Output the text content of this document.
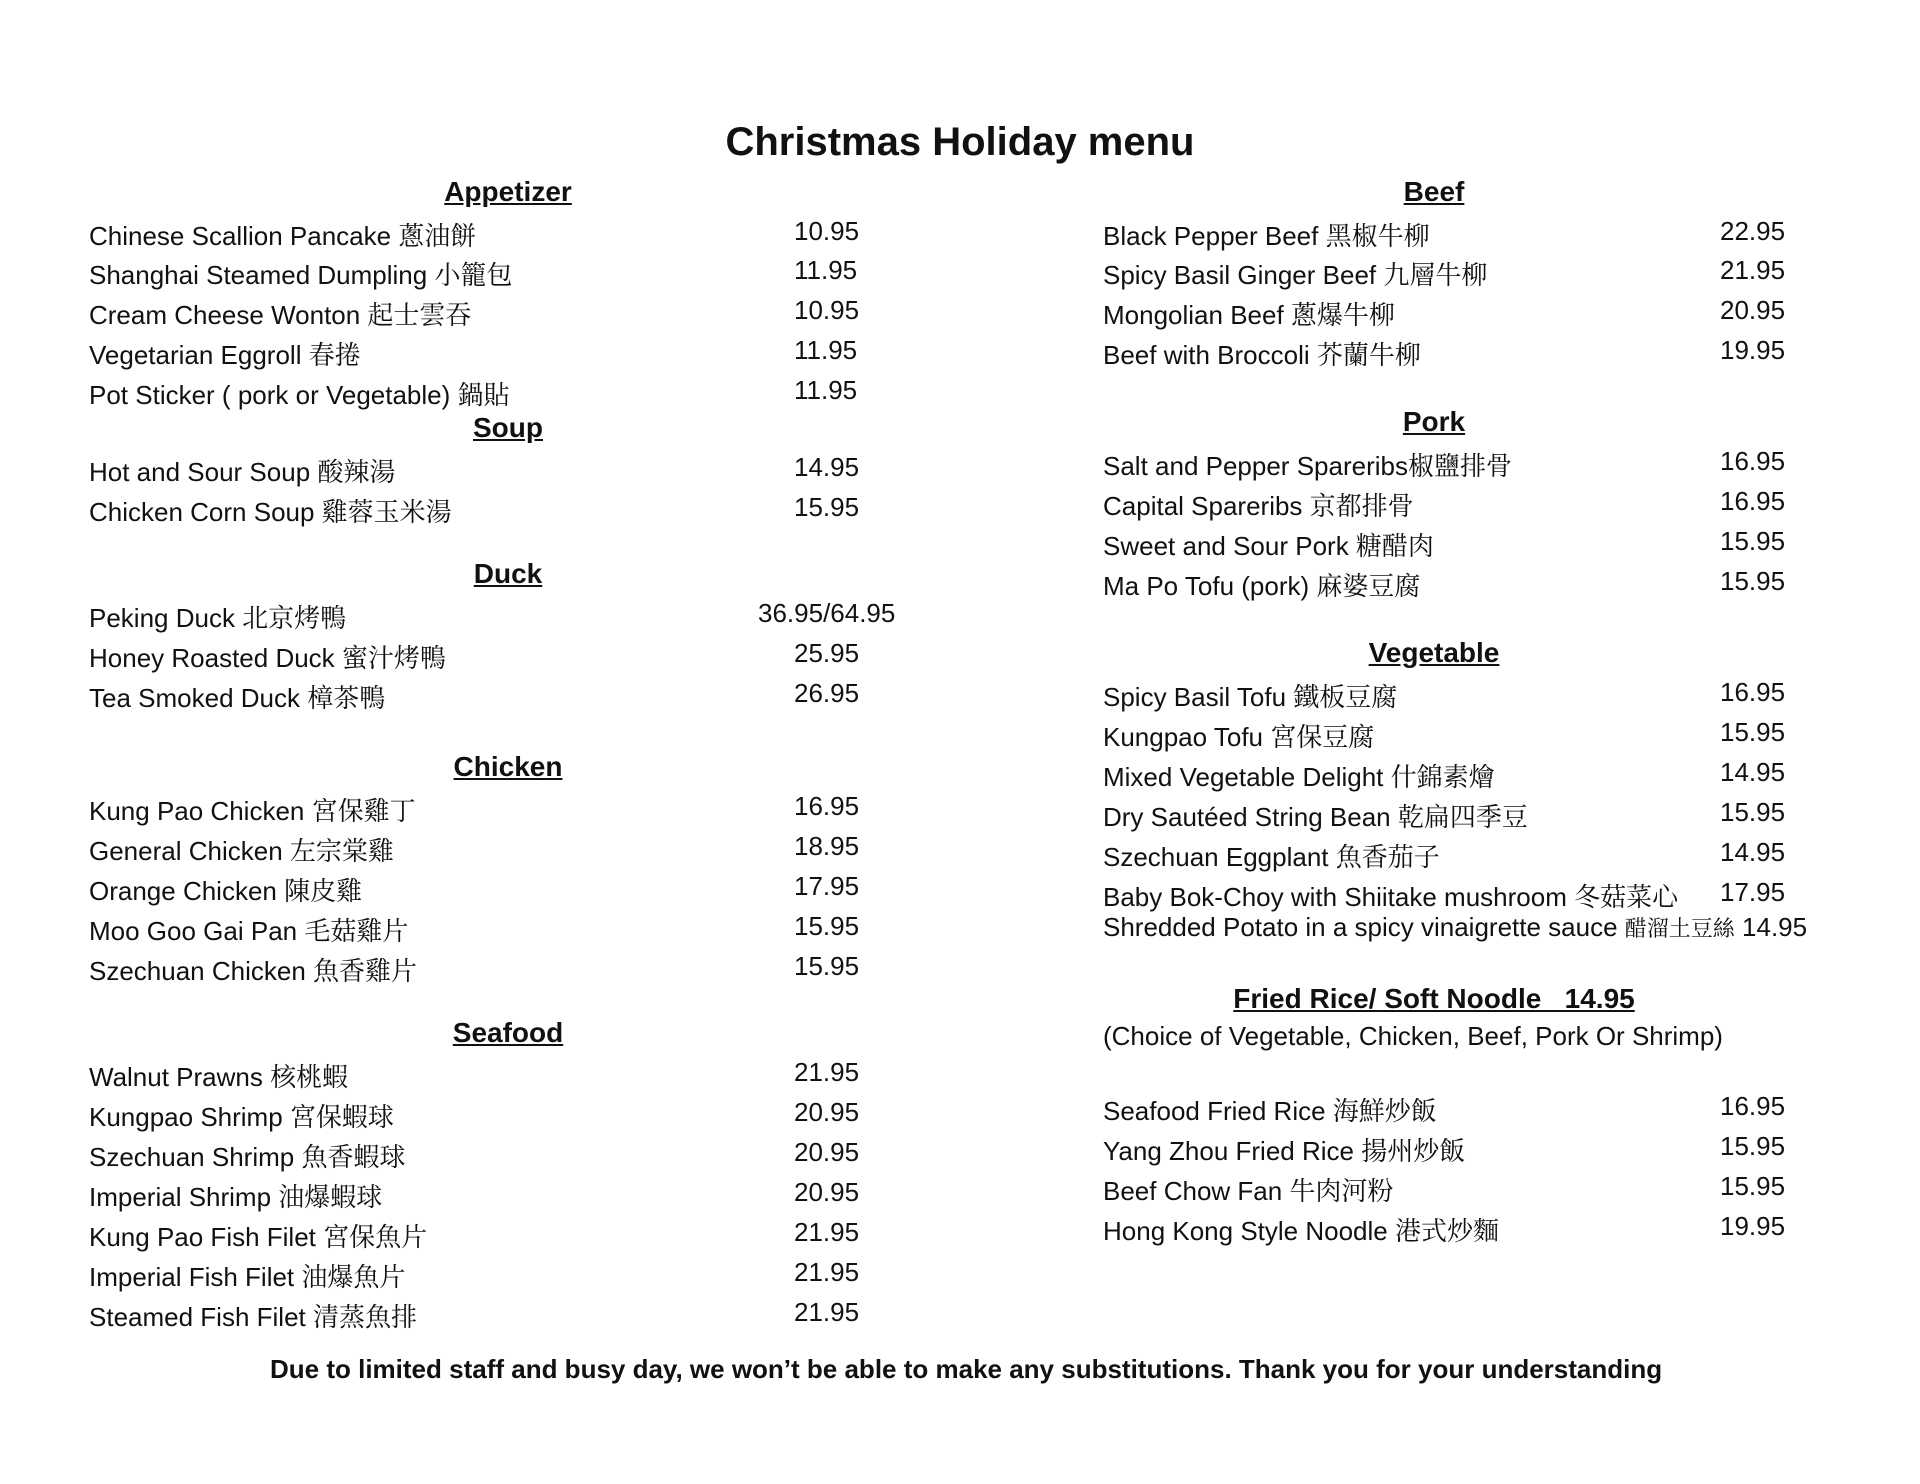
Christmas Holiday menu
Appetizer
Chinese Scallion Pancake 蔥油餅	10.95
Shanghai Steamed Dumpling 小籠包	11.95
Cream Cheese Wonton 起士雲吞	10.95
Vegetarian Eggroll 春捲	11.95
Pot Sticker ( pork or Vegetable) 鍋貼	11.95
Soup
Hot and Sour Soup 酸辣湯	14.95
Chicken Corn Soup 雞蓉玉米湯	15.95
Duck
Peking Duck 北京烤鴨	36.95/64.95
Honey Roasted Duck 蜜汁烤鴨	25.95
Tea Smoked Duck 樟茶鴨	26.95
Chicken
Kung Pao Chicken 宮保雞丁	16.95
General Chicken 左宗棠雞	18.95
Orange Chicken 陳皮雞	17.95
Moo Goo Gai Pan 毛菇雞片	15.95
Szechuan Chicken 魚香雞片	15.95
Seafood
Walnut Prawns 核桃蝦	21.95
Kungpao Shrimp 宮保蝦球	20.95
Szechuan Shrimp 魚香蝦球	20.95
Imperial Shrimp 油爆蝦球	20.95
Kung Pao Fish Filet 宮保魚片	21.95
Imperial Fish Filet 油爆魚片	21.95
Steamed Fish Filet 清蒸魚排	21.95
Beef
Black Pepper Beef 黑椒牛柳	22.95
Spicy Basil Ginger Beef 九層牛柳	21.95
Mongolian Beef 蔥爆牛柳	20.95
Beef with Broccoli 芥蘭牛柳	19.95
Pork
Salt and Pepper Spareribs椒鹽排骨	16.95
Capital Spareribs 京都排骨	16.95
Sweet and Sour Pork 糖醋肉	15.95
Ma Po Tofu (pork) 麻婆豆腐	15.95
Vegetable
Spicy Basil Tofu 鐵板豆腐	16.95
Kungpao Tofu 宮保豆腐	15.95
Mixed Vegetable Delight 什錦素燴	14.95
Dry Sautéed String Bean 乾扁四季豆	15.95
Szechuan Eggplant 魚香茄子	14.95
Baby Bok-Choy with Shiitake mushroom 冬菇菜心 17.95
Shredded Potato in a spicy vinaigrette sauce 醋溜土豆絲 14.95
Fried Rice/ Soft Noodle   14.95
(Choice of Vegetable, Chicken, Beef, Pork Or Shrimp)
Seafood Fried Rice 海鮮炒飯	16.95
Yang Zhou Fried Rice 揚州炒飯	15.95
Beef Chow Fan 牛肉河粉	15.95
Hong Kong Style Noodle 港式炒麵	19.95
Due to limited staff and busy day, we won’t be able to make any substitutions. Thank you for your understanding
